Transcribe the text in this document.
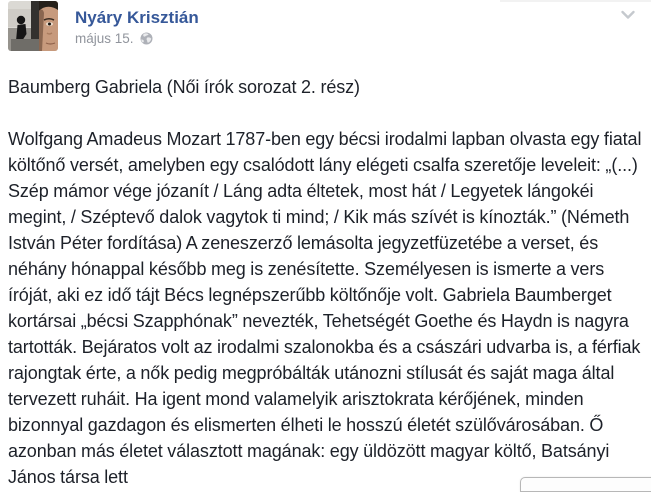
Nyáry Krisztián
május 15.

Baumberg Gabriela (Női írók sorozat 2. rész)

Wolfgang Amadeus Mozart 1787-ben egy bécsi irodalmi lapban olvasta egy fiatal költőnő versét, amelyben egy csalódott lány elégeti csalfa szeretője leveleit: „(...) Szép mámor vége józanít / Láng adta éltetek, most hát / Legyetek lángokéi megint, / Széptevő dalok vagytok ti mind; / Kik más szívét is kínozták.” (Németh István Péter fordítása) A zeneszerző lemásolta jegyzetfüzetébe a verset, és néhány hónappal később meg is zenésítette. Személyesen is ismerte a vers íróját, aki ez idő tájt Bécs legnépszerűbb költőnője volt. Gabriela Baumberget kortársai „bécsi Szapphónak” nevezték, Tehetségét Goethe és Haydn is nagyra tartották. Bejáratos volt az irodalmi szalonokba és a császári udvarba is, a férfiak rajongtak érte, a nők pedig megpróbálták utánozni stílusát és saját maga által tervezett ruháit. Ha igent mond valamelyik arisztokrata kérőjének, minden bizonnyal gazdagon és elismerten élheti le hosszú életét szülővárosában. Ő azonban más életet választott magának: egy üldözött magyar költő, Batsányi János társa lett
